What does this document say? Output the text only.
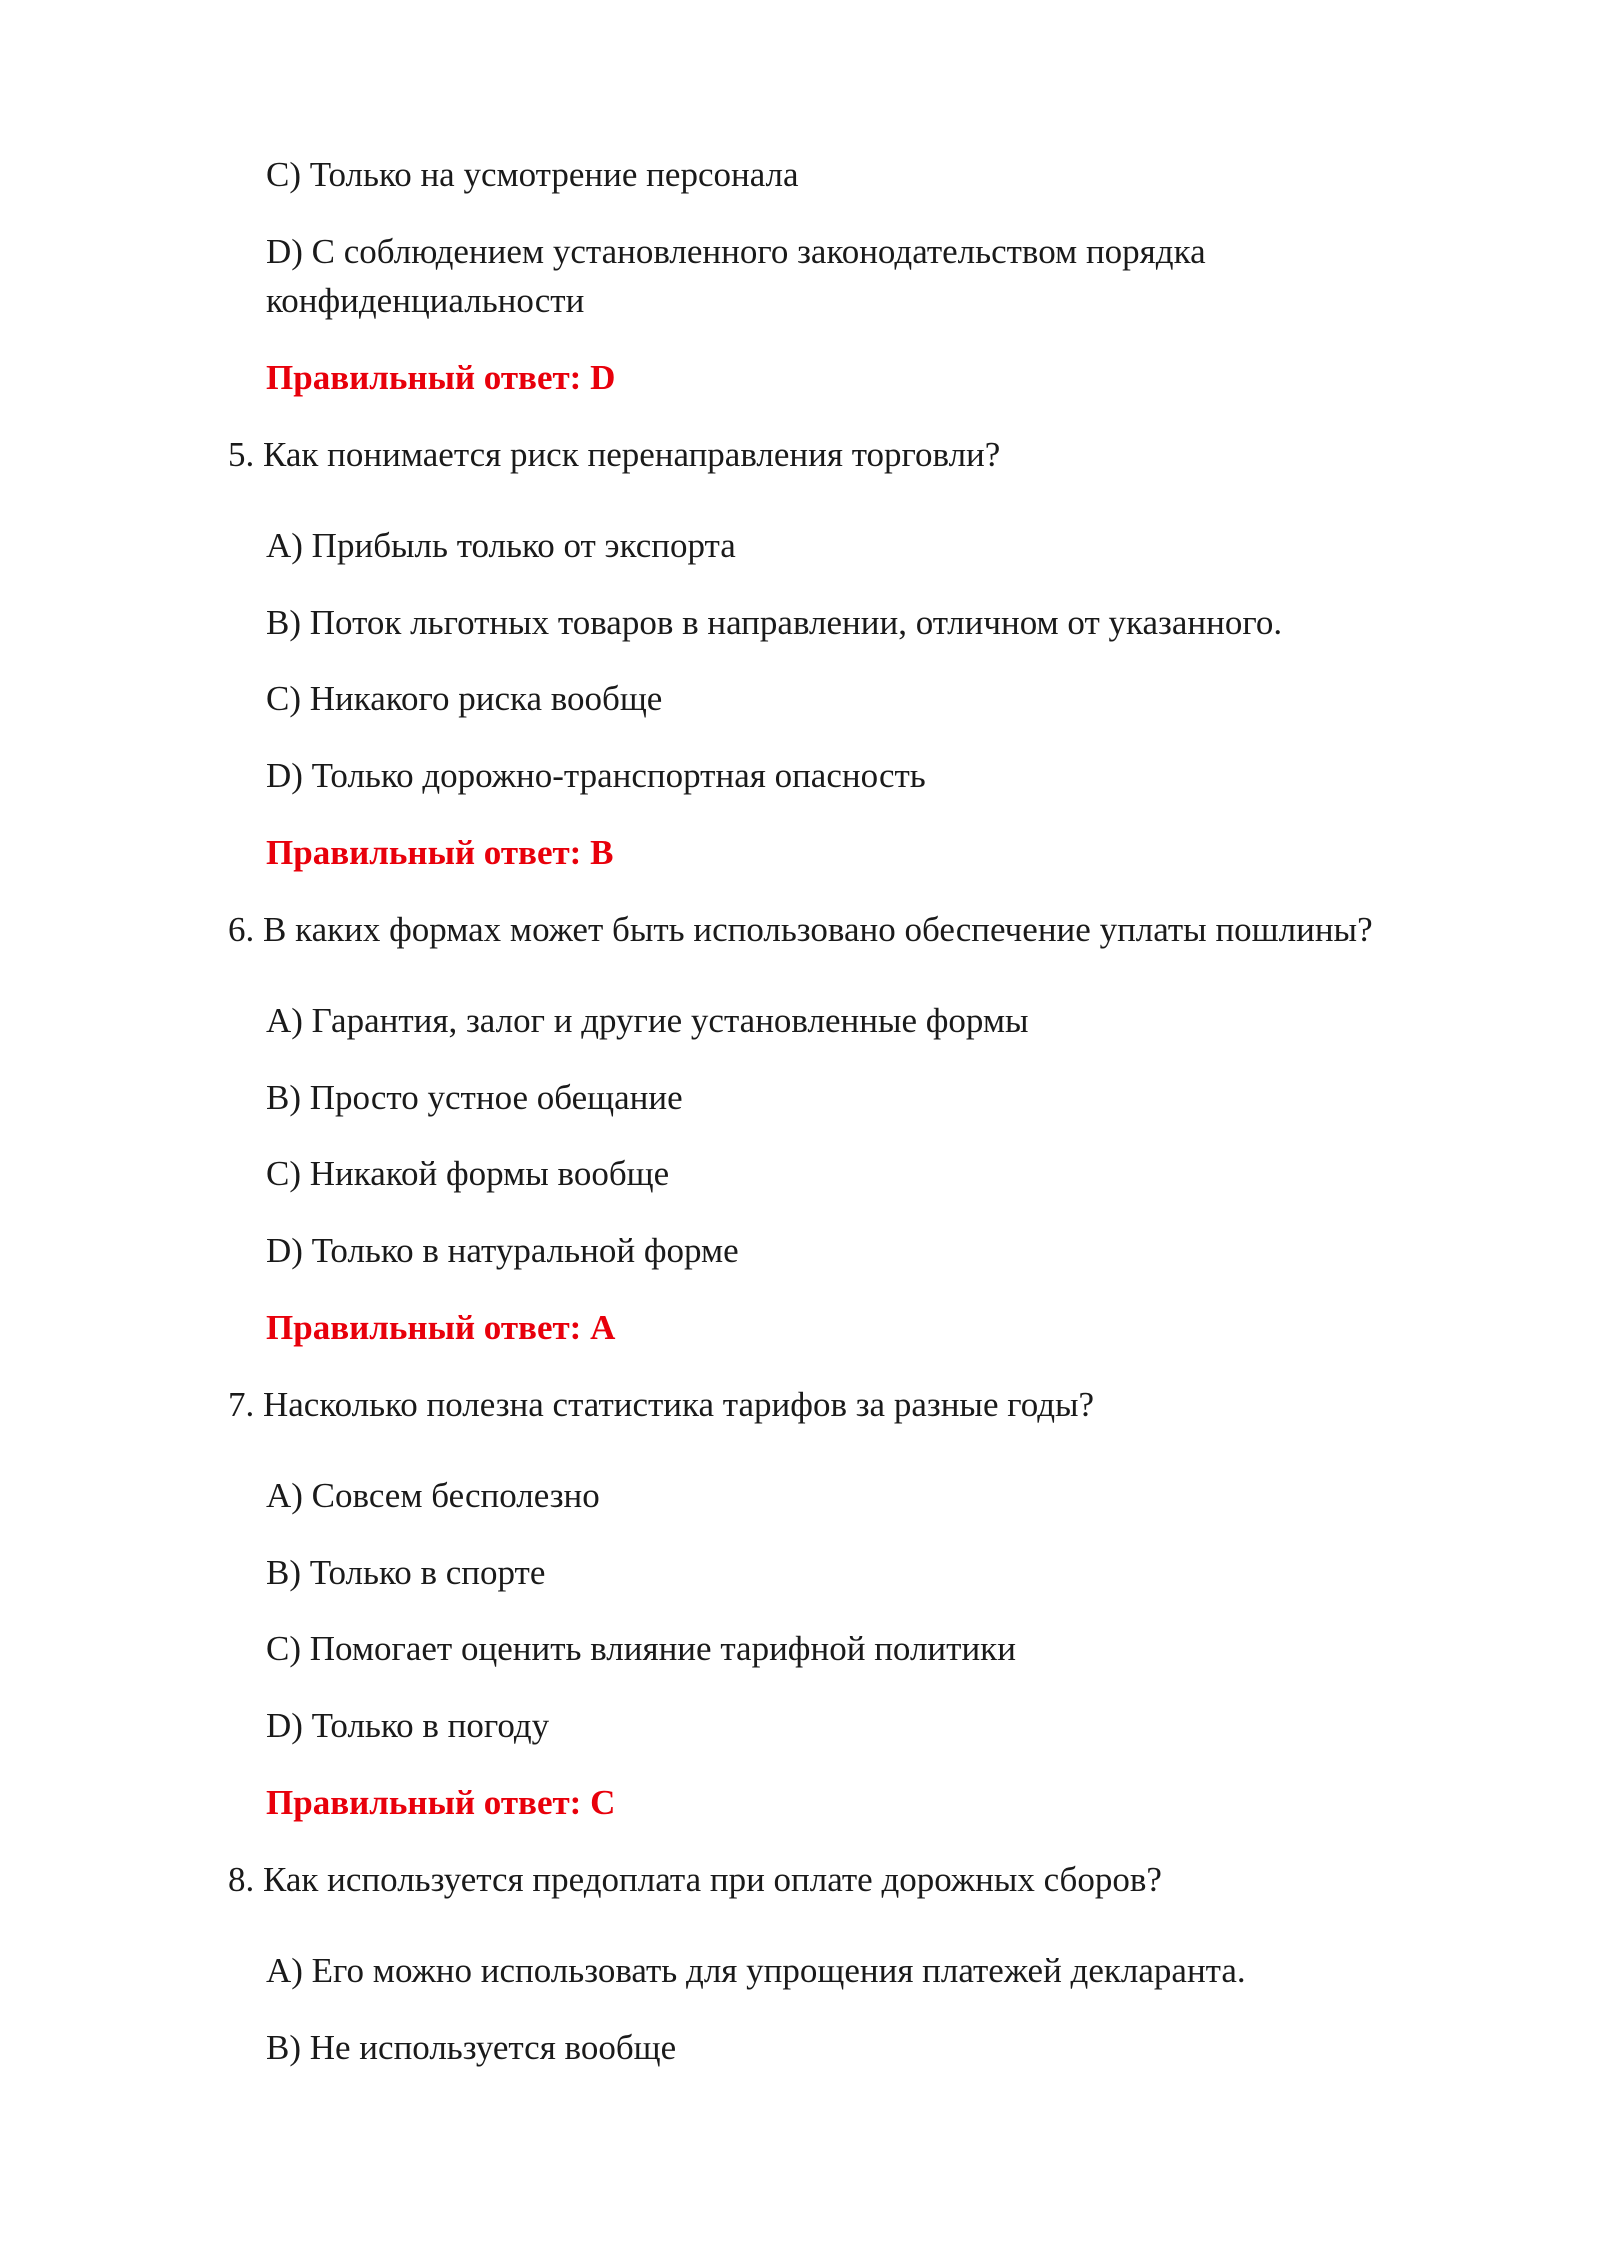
C) Только на усмотрение персонала
D) С соблюдением установленного законодательством порядка
конфиденциальности
Правильный ответ: D
5. Как понимается риск перенаправления торговли?
A) Прибыль только от экспорта
B) Поток льготных товаров в направлении, отличном от указанного.
C) Никакого риска вообще
D) Только дорожно-транспортная опасность
Правильный ответ: B
6. В каких формах может быть использовано обеспечение уплаты пошлины?
A) Гарантия, залог и другие установленные формы
B) Просто устное обещание
C) Никакой формы вообще
D) Только в натуральной форме
Правильный ответ: A
7. Насколько полезна статистика тарифов за разные годы?
A) Совсем бесполезно
B) Только в спорте
C) Помогает оценить влияние тарифной политики
D) Только в погоду
Правильный ответ: C
8. Как используется предоплата при оплате дорожных сборов?
A) Его можно использовать для упрощения платежей декларанта.
B) Не используется вообще
